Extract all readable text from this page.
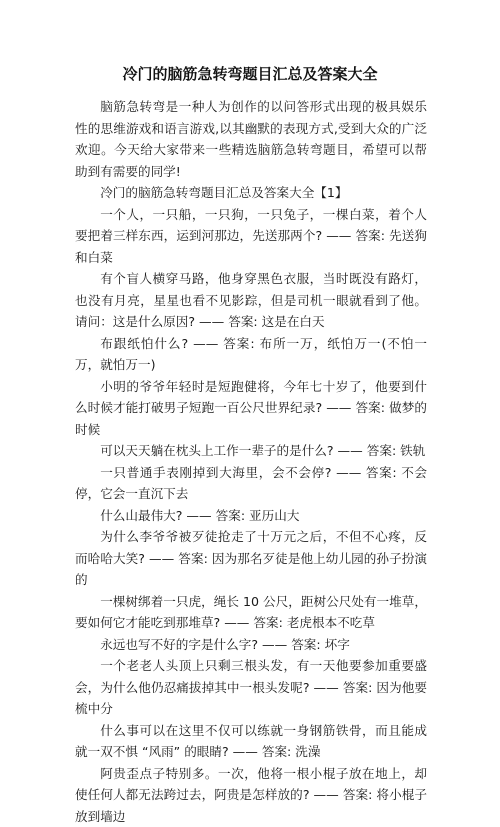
冷门的脑筋急转弯题目汇总及答案大全

脑筋急转弯是一种人为创作的以问答形式出现的极具娱乐性的思维游戏和语言游戏,以其幽默的表现方式,受到大众的广泛欢迎。今天给大家带来一些精选脑筋急转弯题目，希望可以帮助到有需要的同学!

冷门的脑筋急转弯题目汇总及答案大全【1】

一个人，一只船，一只狗，一只兔子，一棵白菜，着个人要把着三样东西，运到河那边，先送那两个? —— 答案: 先送狗和白菜

有个盲人横穿马路，他身穿黑色衣服，当时既没有路灯，也没有月亮，星星也看不见影踪，但是司机一眼就看到了他。请问：这是什么原因? —— 答案: 这是在白天

布跟纸怕什么? —— 答案: 布所一万，纸怕万一(不怕一万，就怕万一)

小明的爷爷年轻时是短跑健将，今年七十岁了，他要到什么时候才能打破男子短跑一百公尺世界纪录? —— 答案: 做梦的时候

可以天天躺在枕头上工作一辈子的是什么? —— 答案: 铁轨

一只普通手表刚掉到大海里，会不会停? —— 答案: 不会停，它会一直沉下去

什么山最伟大? —— 答案: 亚历山大

为什么李爷爷被歹徒抢走了十万元之后，不但不心疼，反而哈哈大笑? —— 答案: 因为那名歹徒是他上幼儿园的孙子扮演的

一棵树绑着一只虎，绳长 10 公尺，距树公尺处有一堆草，要如何它才能吃到那堆草? —— 答案: 老虎根本不吃草

永远也写不好的字是什么字? —— 答案: 坏字

一个老老人头顶上只剩三根头发，有一天他要参加重要盛会，为什么他仍忍痛拔掉其中一根头发呢? —— 答案: 因为他要梳中分

什么事可以在这里不仅可以练就一身钢筋铁骨，而且能成就一双不惧 “风雨” 的眼睛? —— 答案: 洗澡

阿贵歪点子特别多。一次，他将一根小棍子放在地上，却使任何人都无法跨过去，阿贵是怎样放的? —— 答案: 将小棍子放到墙边
